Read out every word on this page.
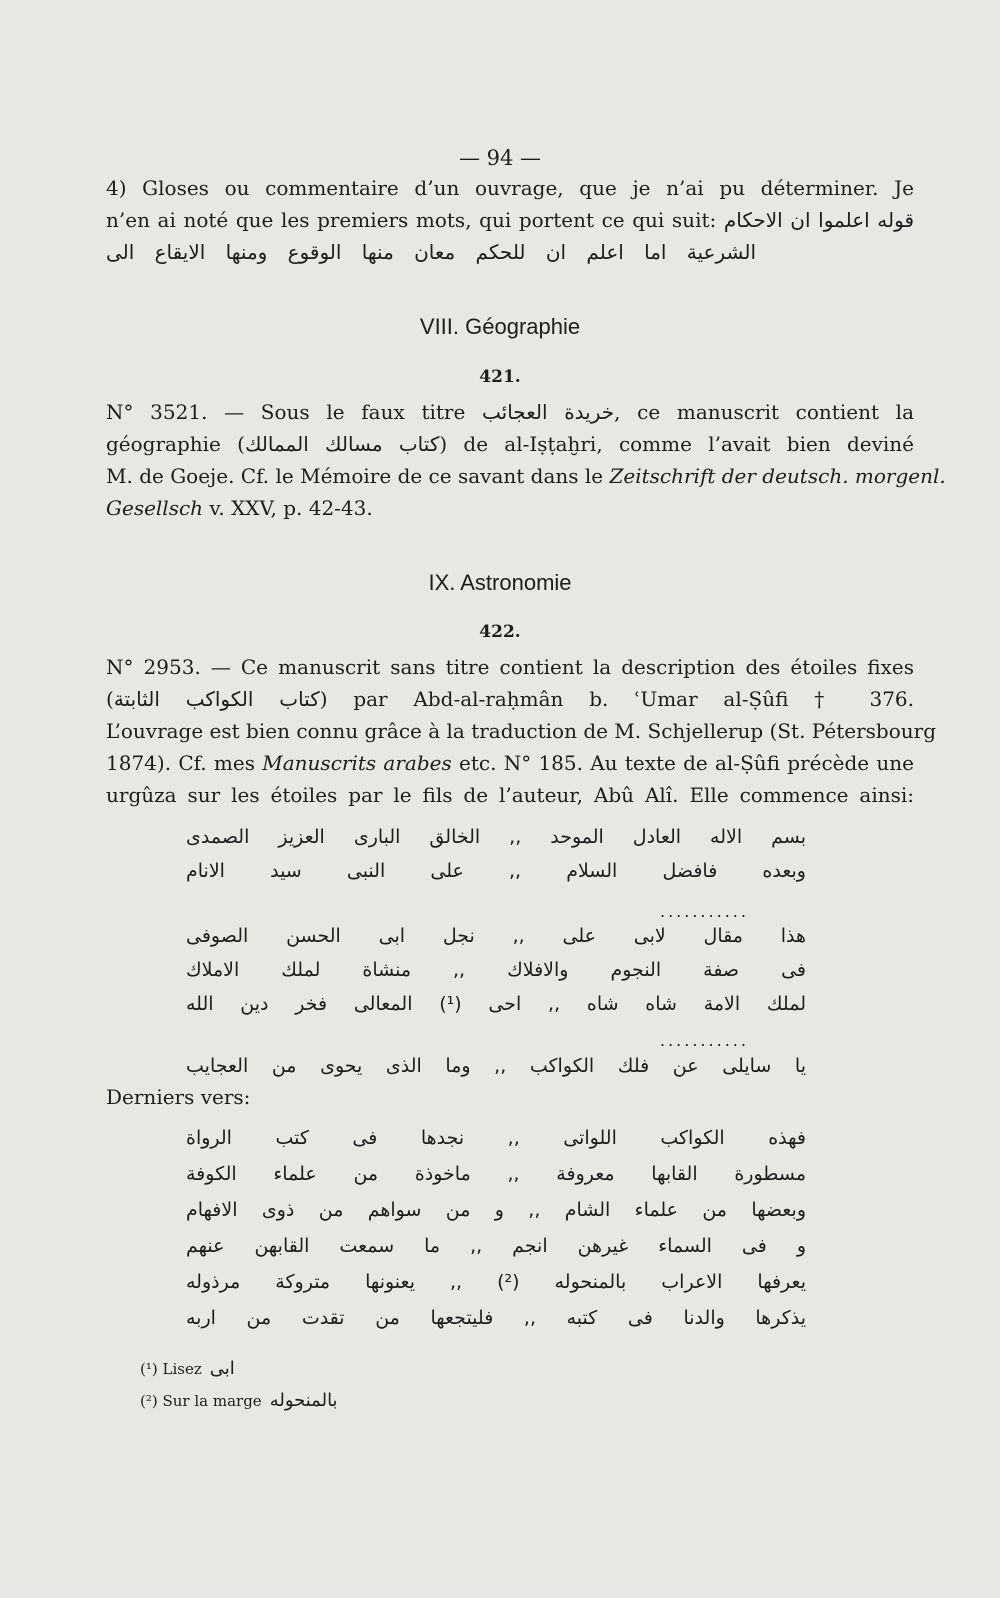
— 94 —
4) Gloses ou commentaire d’un ouvrage, que je n’ai pu déterminer. Je
n’en ai noté que les premiers mots, qui portent ce qui suit: قوله اعلموا ان الاحكام
الشرعية اما اعلم ان للحكم معان منها الوقوع ومنها الايقاع الى
VIII. Géographie
421.
N° 3521. — Sous le faux titre خريدة العجائب, ce manuscrit contient la
géographie (كتاب مسالك الممالك) de al-Iṣṭaḫri, comme l’avait bien deviné
M. de Goeje. Cf. le Mémoire de ce savant dans le Zeitschrift der deutsch. morgenl.
Gesellsch v. XXV, p. 42-43.
IX. Astronomie
422.
N° 2953. — Ce manuscrit sans titre contient la description des étoiles fixes
(كتاب الكواكب الثابتة) par Abd-al-raḥmân b. ʿUmar al-Ṣûfi † 376.
L’ouvrage est bien connu grâce à la traduction de M. Schjellerup (St. Pétersbourg
1874). Cf. mes Manuscrits arabes etc. N° 185. Au texte de al-Ṣûfi précède une
urgûza sur les étoiles par le fils de l’auteur, Abû Alî. Elle commence ainsi:
بسم الاله العادل الموحد ,, الخالق البارى العزيز الصمدى
وبعده فافضل السلام ,, على النبى سيد الانام
...........
هذا مقال لابى على ,, نجل ابى الحسن الصوفى
فى صفة النجوم والافلاك ,, منشاة لملك الاملاك
لملك الامة شاه شاه ,, احى (¹) المعالى فخر دين الله
...........
يا سايلى عن فلك الكواكب ,, وما الذى يحوى من العجايب
Derniers vers:
فهذه الكواكب اللواتى ,, نجدها فى كتب الرواة
مسطورة القابها معروفة ,, ماخوذة من علماء الكوفة
وبعضها من علماء الشام ,, و من سواهم من ذوى الافهام
و فى السماء غيرهن انجم ,, ما سمعت القابهن عنهم
يعرفها الاعراب بالمنحوله (²) ,, يعنونها متروكة مرذوله
يذكرها والدنا فى كتبه ,, فليتجعها من تقدت من اربه
(¹) Lisez ابى
(²) Sur la marge بالمنحوله
